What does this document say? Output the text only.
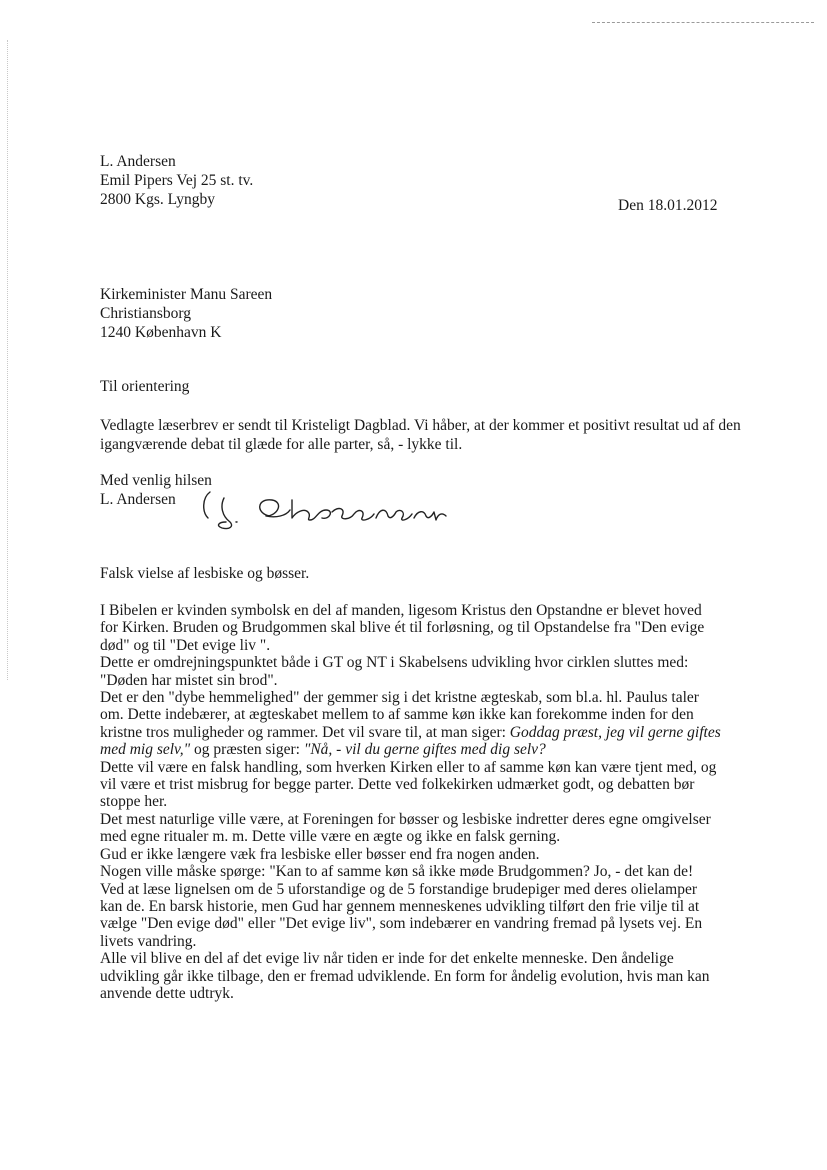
L. Andersen
Emil Pipers Vej 25 st. tv.
2800 Kgs. Lyngby	Den 18.01.2012
Kirkeminister Manu Sareen
Christiansborg
1240 København K
Til orientering

Vedlagte læserbrev er sendt til Kristeligt Dagblad. Vi håber, at der kommer et positivt resultat ud af den igangværende debat til glæde for alle parter, så, - lykke til.

Med venlig hilsen
L. Andersen
Falsk vielse af lesbiske og bøsser.
I Bibelen er kvinden symbolsk en del af manden, ligesom Kristus den Opstandne er blevet hoved
for Kirken. Bruden og Brudgommen skal blive ét til forløsning, og til Opstandelse fra "Den evige
død" og til "Det evige liv ".
Dette er omdrejningspunktet både i GT og NT i Skabelsens udvikling hvor cirklen sluttes med:
"Døden har mistet sin brod".
Det er den "dybe hemmelighed" der gemmer sig i det kristne ægteskab, som bl.a. hl. Paulus taler
om. Dette indebærer, at ægteskabet mellem to af samme køn ikke kan forekomme inden for den
kristne tros muligheder og rammer. Det vil svare til, at man siger: Goddag præst, jeg vil gerne giftes
med mig selv," og præsten siger: "Nå, - vil du gerne giftes med dig selv?
Dette vil være en falsk handling, som hverken Kirken eller to af samme køn kan være tjent med, og
vil være et trist misbrug for begge parter. Dette ved folkekirken udmærket godt, og debatten bør
stoppe her.
Det mest naturlige ville være, at Foreningen for bøsser og lesbiske indretter deres egne omgivelser
med egne ritualer m. m. Dette ville være en ægte og ikke en falsk gerning.
Gud er ikke længere væk fra lesbiske eller bøsser end fra nogen anden.
Nogen ville måske spørge: "Kan to af samme køn så ikke møde Brudgommen? Jo, - det kan de!
Ved at læse lignelsen om de 5 uforstandige og de 5 forstandige brudepiger med deres olielamper
kan de. En barsk historie, men Gud har gennem menneskenes udvikling tilført den frie vilje til at
vælge "Den evige død" eller "Det evige liv", som indebærer en vandring fremad på lysets vej. En
livets vandring.
Alle vil blive en del af det evige liv når tiden er inde for det enkelte menneske. Den åndelige
udvikling går ikke tilbage, den er fremad udviklende. En form for åndelig evolution, hvis man kan
anvende dette udtryk.
